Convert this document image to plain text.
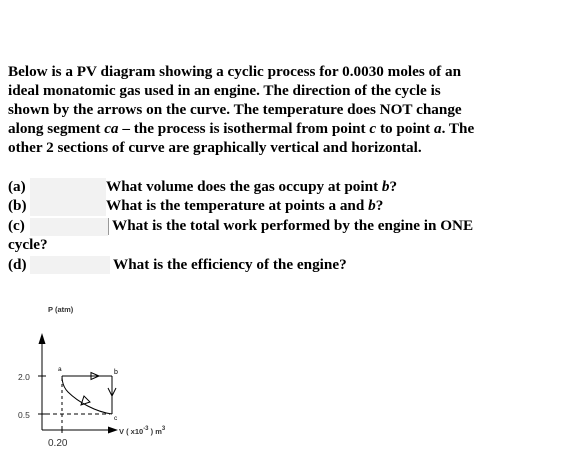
Below is a PV diagram showing a cyclic process for 0.0030 moles of an
ideal monatomic gas used in an engine. The direction of the cycle is
shown by the arrows on the curve. The temperature does NOT change
along segment ca – the process is isothermal from point c to point a. The
other 2 sections of curve are graphically vertical and horizontal.
(a)	What volume does the gas occupy at point b?
(b)	What is the temperature at points a and b?
(c)	What is the total work performed by the engine in ONE
cycle?
(d)	What is the efficiency of the engine?
2.0
0.5
0.20
P (atm)
V ( $x10^{-3}$ ) $m^3$
a	b
c
